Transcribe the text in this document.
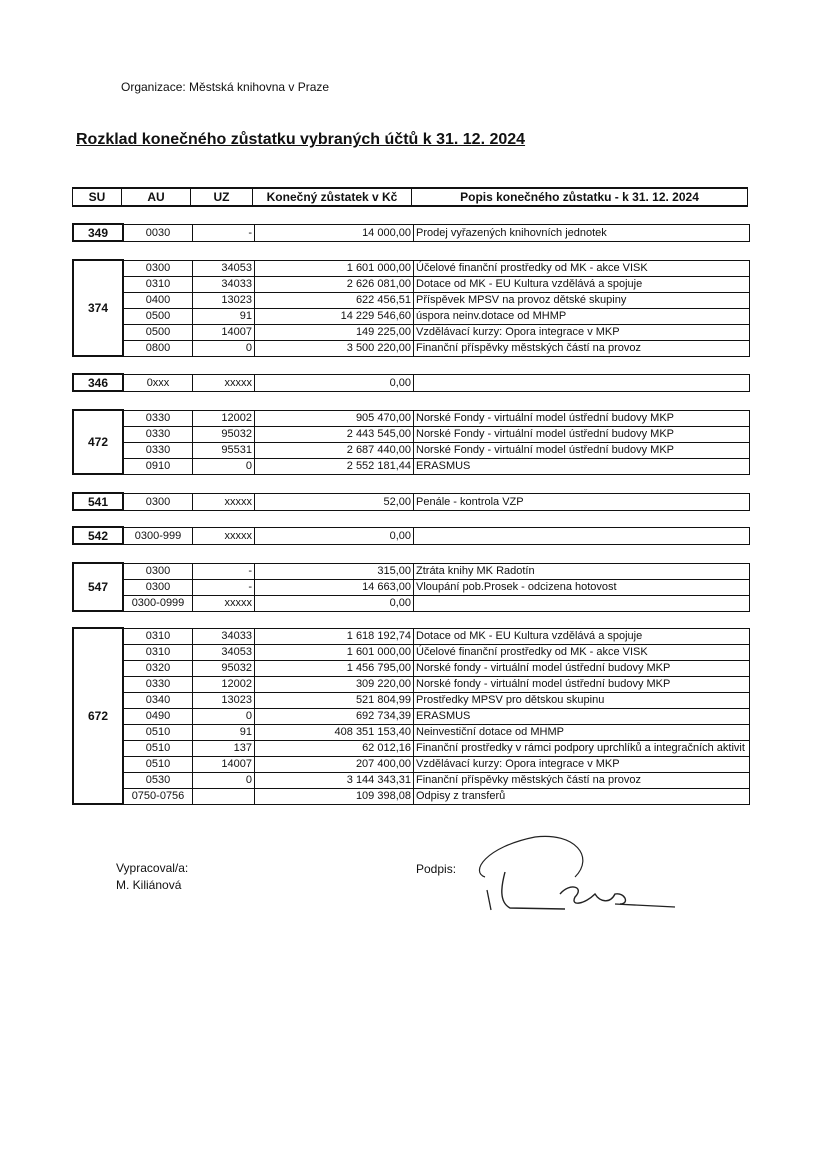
Organizace: Městská knihovna v Praze
Rozklad konečného zůstatku vybraných účtů k 31. 12. 2024
SU	AU	UZ	Konečný zůstatek v Kč	Popis konečného zůstatku - k 31. 12. 2024
349	0030	-	14 000,00	Prodej vyřazených knihovních jednotek
374	0300	34053	1 601 000,00	Účelové finanční prostředky od MK - akce VISK
	0310	34033	2 626 081,00	Dotace od MK - EU Kultura vzdělává a spojuje
	0400	13023	622 456,51	Příspěvek MPSV na provoz dětské skupiny
	0500	91	14 229 546,60	úspora neinv.dotace od MHMP
	0500	14007	149 225,00	Vzdělávací kurzy: Opora integrace v MKP
	0800	0	3 500 220,00	Finanční příspěvky městských částí na provoz
346	0xxx	xxxxx	0,00	
472	0330	12002	905 470,00	Norské Fondy - virtuální model ústřední budovy MKP
	0330	95032	2 443 545,00	Norské Fondy - virtuální model ústřední budovy MKP
	0330	95531	2 687 440,00	Norské Fondy - virtuální model ústřední budovy MKP
	0910	0	2 552 181,44	ERASMUS
541	0300	xxxxx	52,00	Penále - kontrola VZP
542	0300-999	xxxxx	0,00	
547	0300	-	315,00	Ztráta knihy MK Radotín
	0300	-	14 663,00	Vloupání pob.Prosek - odcizena hotovost
	0300-0999	xxxxx	0,00	
672	0310	34033	1 618 192,74	Dotace od MK - EU Kultura vzdělává a spojuje
	0310	34053	1 601 000,00	Účelové finanční prostředky od MK - akce VISK
	0320	95032	1 456 795,00	Norské fondy - virtuální model ústřední budovy MKP
	0330	12002	309 220,00	Norské fondy - virtuální model ústřední budovy MKP
	0340	13023	521 804,99	Prostředky MPSV pro dětskou skupinu
	0490	0	692 734,39	ERASMUS
	0510	91	408 351 153,40	Neinvestiční dotace od MHMP
	0510	137	62 012,16	Finanční prostředky v rámci podpory uprchlíků a integračních aktivit
	0510	14007	207 400,00	Vzdělávací kurzy: Opora integrace v MKP
	0530	0	3 144 343,31	Finanční příspěvky městských částí na provoz
	0750-0756		109 398,08	Odpisy z transferů
Vypracoval/a:
M. Kiliánová
Podpis:
